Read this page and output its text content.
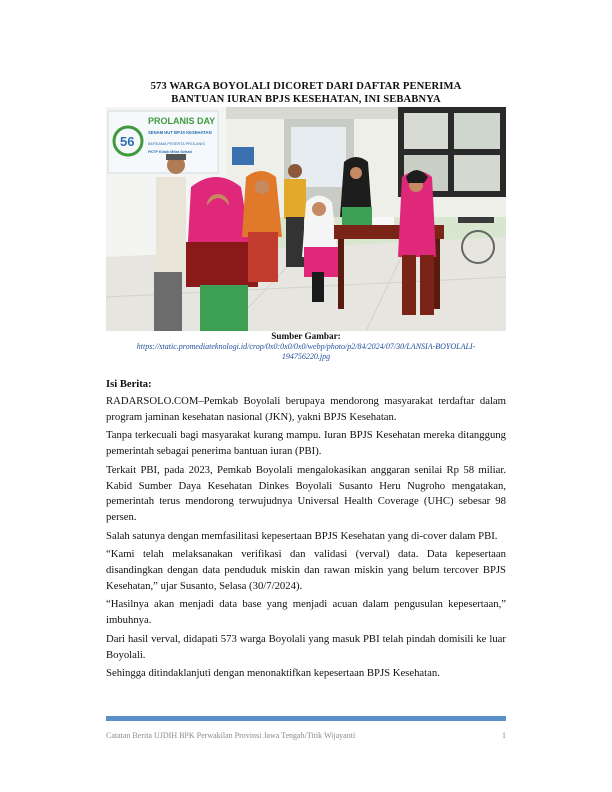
573 WARGA BOYOLALI DICORET DARI DAFTAR PENERIMA
BANTUAN IURAN BPJS KESEHATAN, INI SEBABNYA
56
PROLANIS DAY
SENAM HUT BPJS KESEHATAN
BERSAMA PESERTA PROLANIS
FKTP Klinik Mitra Sehati
Sumber Gambar:
https://static.promediateknologi.id/crop/0x0:0x0/0x0/webp/photo/p2/84/2024/07/30/LANSIA-BOYOLALI-
194756220.jpg
Isi Berita:

RADARSOLO.COM–Pemkab Boyolali berupaya mendorong masyarakat terdaftar dalam program jaminan kesehatan nasional (JKN), yakni BPJS Kesehatan.

Tanpa terkecuali bagi masyarakat kurang mampu. Iuran BPJS Kesehatan mereka ditanggung pemerintah sebagai penerima bantuan iuran (PBI).

Terkait PBI, pada 2023, Pemkab Boyolali mengalokasikan anggaran senilai Rp 58 miliar. Kabid Sumber Daya Kesehatan Dinkes Boyolali Susanto Heru Nugroho mengatakan, pemerintah terus mendorong terwujudnya Universal Health Coverage (UHC) sebesar 98 persen.

Salah satunya dengan memfasilitasi kepesertaan BPJS Kesehatan yang di-cover dalam PBI.

“Kami telah melaksanakan verifikasi dan validasi (verval) data. Data kepesertaan disandingkan dengan data penduduk miskin dan rawan miskin yang belum tercover BPJS Kesehatan,” ujar Susanto, Selasa (30/7/2024).

“Hasilnya akan menjadi data base yang menjadi acuan dalam pengusulan kepesertaan,” imbuhnya.

Dari hasil verval, didapati 573 warga Boyolali yang masuk PBI telah pindah domisili ke luar Boyolali.

Sehingga ditindaklanjuti dengan menonaktifkan kepesertaan BPJS Kesehatan.

Catatan Berita UJDIH BPK Perwakilan Provinsi Jawa Tengah/Titik Wijayanti	1
